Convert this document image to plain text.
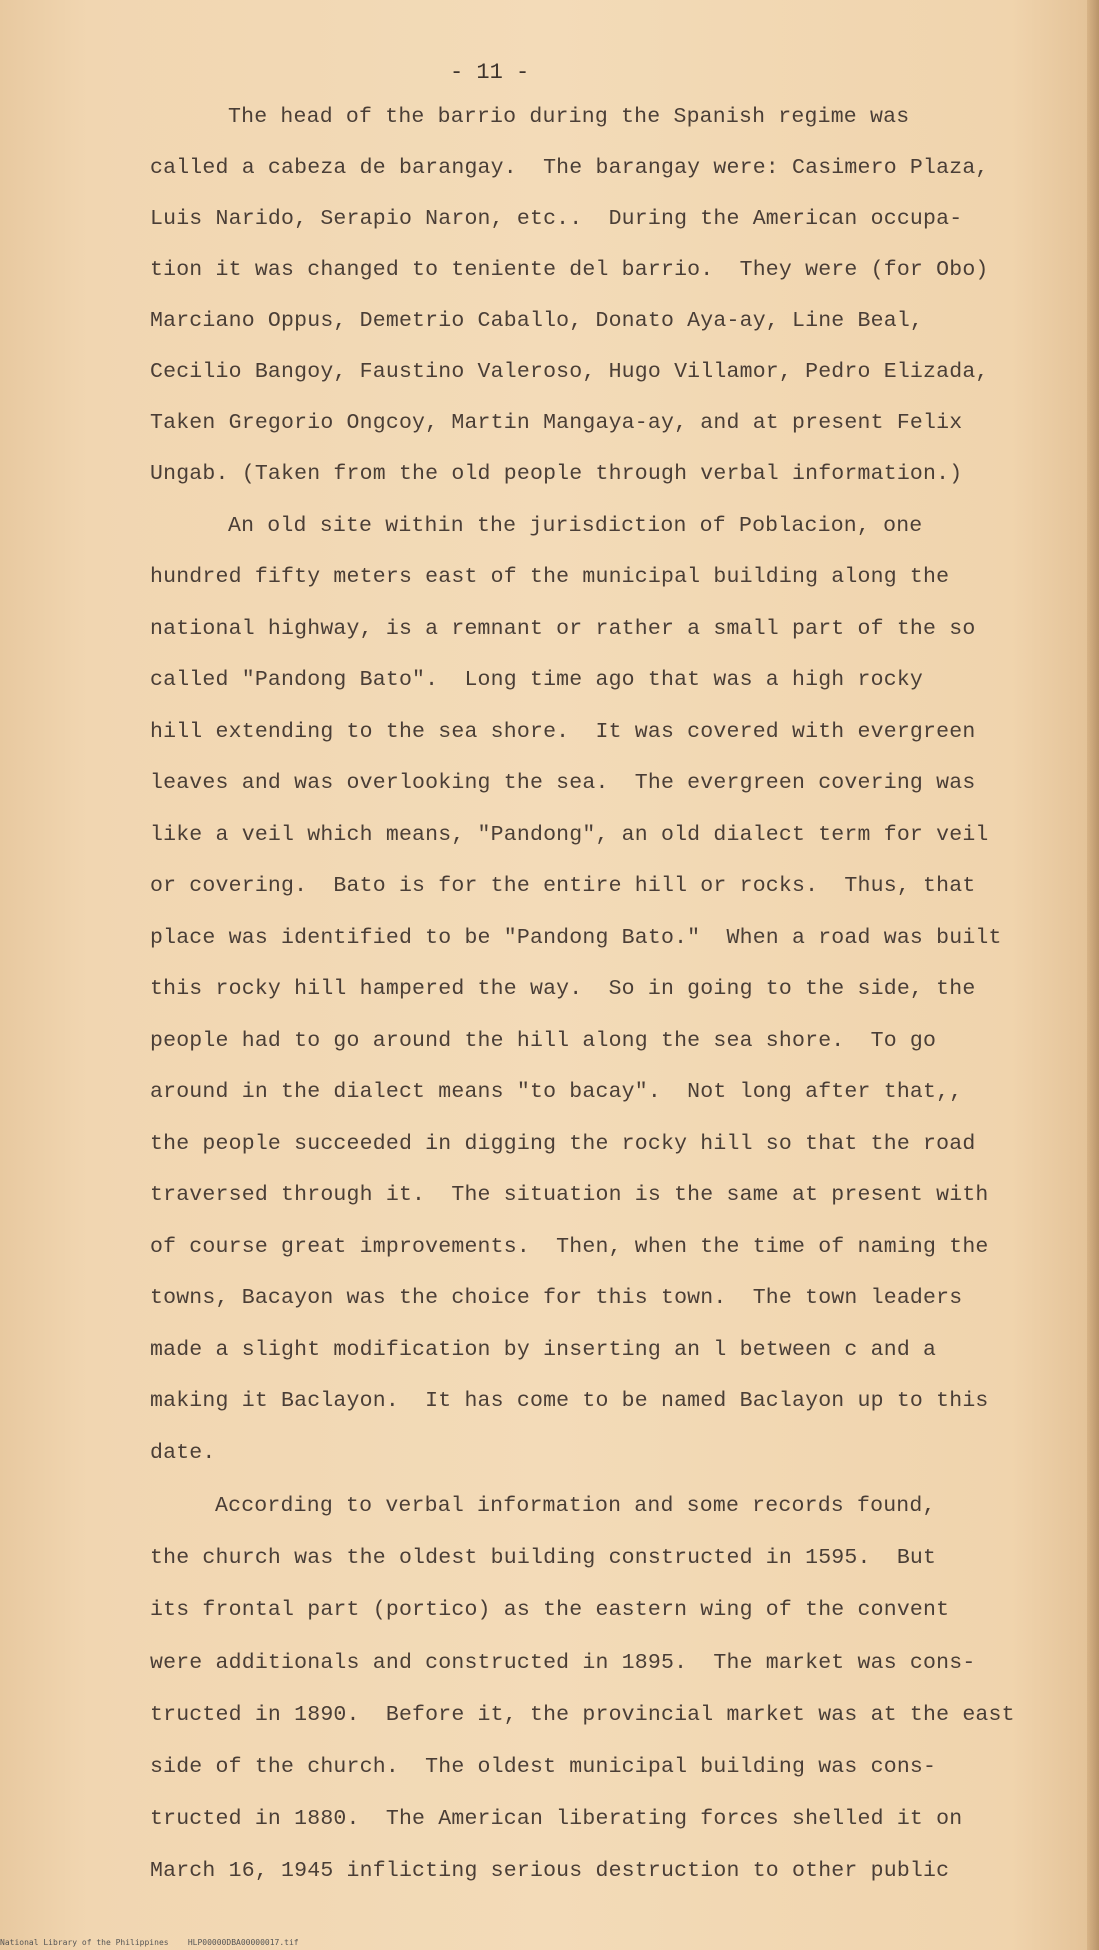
- 11 -
The head of the barrio during the Spanish regime was
called a cabeza de barangay.  The barangay were: Casimero Plaza,
Luis Narido, Serapio Naron, etc..  During the American occupa-
tion it was changed to teniente del barrio.  They were (for Obo)
Marciano Oppus, Demetrio Caballo, Donato Aya-ay, Line Beal,
Cecilio Bangoy, Faustino Valeroso, Hugo Villamor, Pedro Elizada,
Taken Gregorio Ongcoy, Martin Mangaya-ay, and at present Felix
Ungab. (Taken from the old people through verbal information.)
An old site within the jurisdiction of Poblacion, one
hundred fifty meters east of the municipal building along the
national highway, is a remnant or rather a small part of the so
called "Pandong Bato".  Long time ago that was a high rocky
hill extending to the sea shore.  It was covered with evergreen
leaves and was overlooking the sea.  The evergreen covering was
like a veil which means, "Pandong", an old dialect term for veil
or covering.  Bato is for the entire hill or rocks.  Thus, that
place was identified to be "Pandong Bato."  When a road was built
this rocky hill hampered the way.  So in going to the side, the
people had to go around the hill along the sea shore.  To go
around in the dialect means "to bacay".  Not long after that,,
the people succeeded in digging the rocky hill so that the road
traversed through it.  The situation is the same at present with
of course great improvements.  Then, when the time of naming the
towns, Bacayon was the choice for this town.  The town leaders
made a slight modification by inserting an l between c and a
making it Baclayon.  It has come to be named Baclayon up to this
date.
According to verbal information and some records found,
the church was the oldest building constructed in 1595.  But
its frontal part (portico) as the eastern wing of the convent
were additionals and constructed in 1895.  The market was cons-
tructed in 1890.  Before it, the provincial market was at the east
side of the church.  The oldest municipal building was cons-
tructed in 1880.  The American liberating forces shelled it on
March 16, 1945 inflicting serious destruction to other public
National Library of the Philippines    HLP00000DBA00000017.tif
